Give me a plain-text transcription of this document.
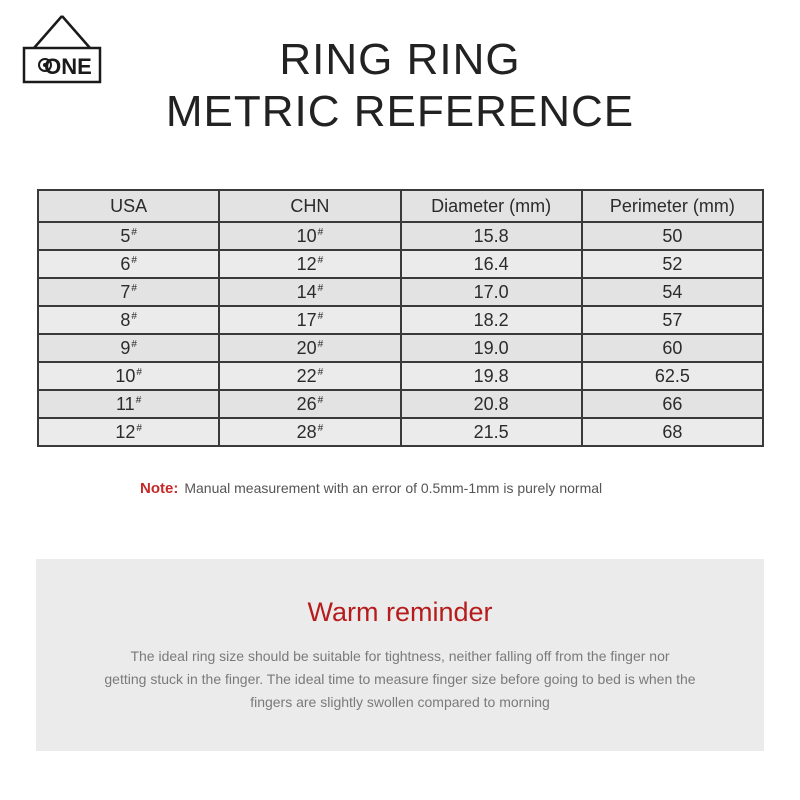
ONE	RING RING
METRIC REFERENCE
USA	CHN	Diameter (mm)	Perimeter (mm)
5#	10#	15.8	50
6#	12#	16.4	52
7#	14#	17.0	54
8#	17#	18.2	57
9#	20#	19.0	60
10#	22#	19.8	62.5
11#	26#	20.8	66
12#	28#	21.5	68
Note: Manual measurement with an error of 0.5mm-1mm is purely normal
Warm reminder
The ideal ring size should be suitable for tightness, neither falling off from the finger nor
getting stuck in the finger. The ideal time to measure finger size before going to bed is when the
fingers are slightly swollen compared to morning
